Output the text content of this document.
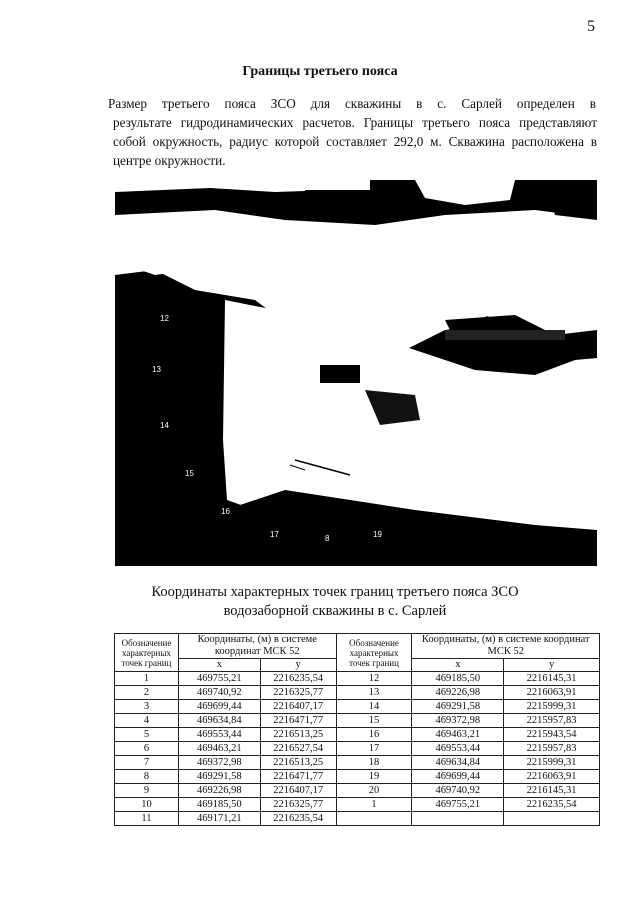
5
Границы третьего пояса
Размер третьего пояса ЗСО для скважины в с. Сарлей определен в
результате гидродинамических расчетов. Границы третьего пояса представляют
собой окружность, радиус которой составляет 292,0 м. Скважина расположена в
центре окружности.
10
12
13
14
15
16
17	19
8
9
Координаты характерных точек границ третьего пояса ЗСО
водозаборной скважины в с. Сарлей
Обозначение характерных точек границ	Координаты, (м) в системе координат МСК 52		Обозначение характерных точек границ	Координаты, (м) в системе координат МСК 52	
	х	у		х	у
1	469755,21	2216235,54	12	469185,50	2216145,31
2	469740,92	2216325,77	13	469226,98	2216063,91
3	469699,44	2216407,17	14	469291,58	2215999,31
4	469634,84	2216471,77	15	469372,98	2215957,83
5	469553,44	2216513,25	16	469463,21	2215943,54
6	469463,21	2216527,54	17	469553,44	2215957,83
7	469372,98	2216513,25	18	469634,84	2215999,31
8	469291,58	2216471,77	19	469699,44	2216063,91
9	469226,98	2216407,17	20	469740,92	2216145,31
10	469185,50	2216325,77	1	469755,21	2216235,54
11	469171,21	2216235,54			
